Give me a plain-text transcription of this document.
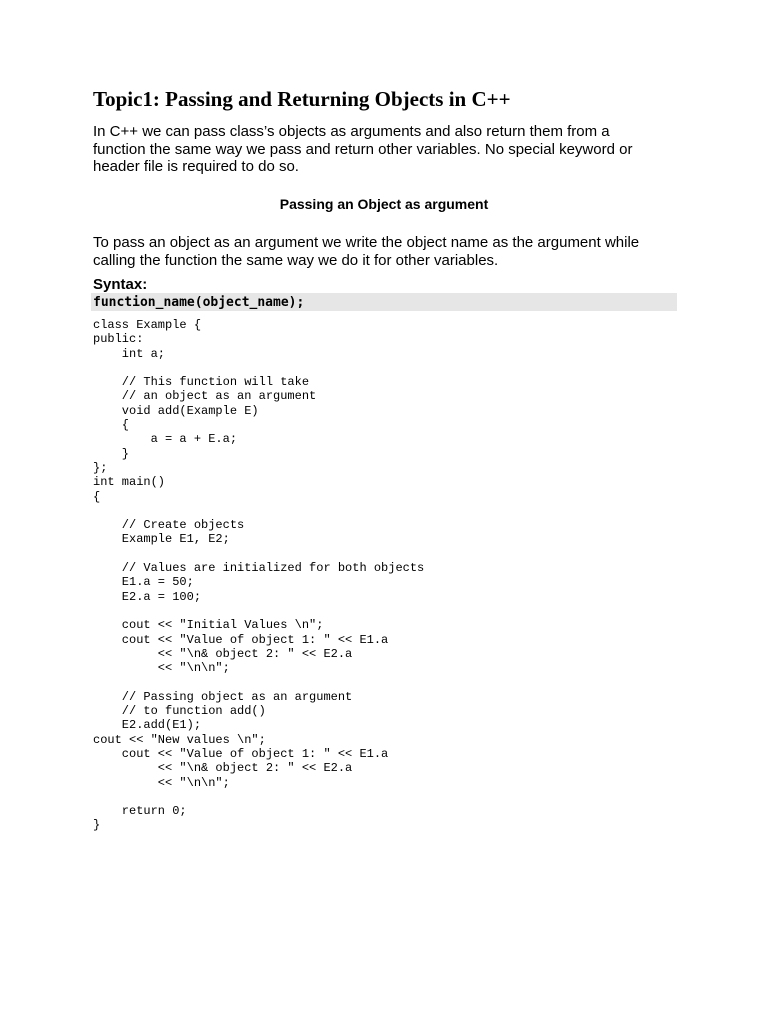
Topic1: Passing and Returning Objects in C++
In C++ we can pass class’s objects as arguments and also return them from a
function the same way we pass and return other variables. No special keyword or
header file is required to do so.
Passing an Object as argument
To pass an object as an argument we write the object name as the argument while
calling the function the same way we do it for other variables.
Syntax:
function_name(object_name);
class Example {
public:
int a;
// This function will take
// an object as an argument
void add(Example E)
{
a = a + E.a;
}
};
int main()
{
// Create objects
Example E1, E2;
// Values are initialized for both objects
E1.a = 50;
E2.a = 100;
cout << "Initial Values \n";
cout << "Value of object 1: " << E1.a
<< "\n& object 2: " << E2.a
<< "\n\n";
// Passing object as an argument
// to function add()
E2.add(E1);
cout << "New values \n";
cout << "Value of object 1: " << E1.a
<< "\n& object 2: " << E2.a
<< "\n\n";
return 0;
}
